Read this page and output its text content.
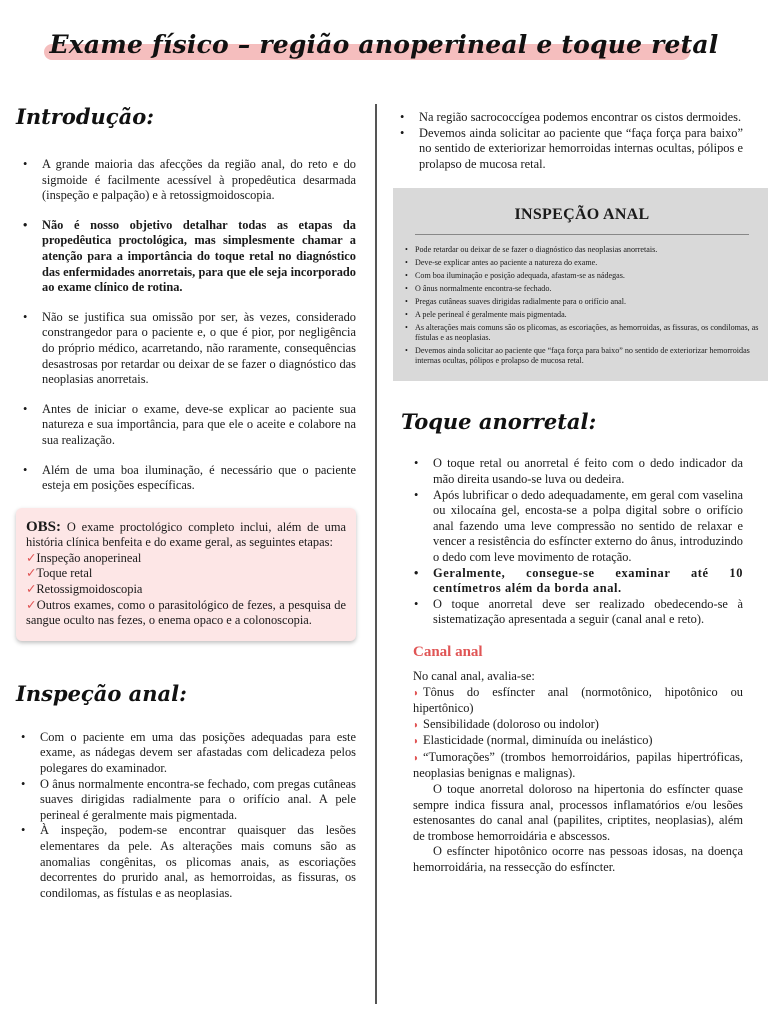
Exame físico – região anoperineal e toque retal
Introdução:
• A grande maioria das afecções da região anal, do reto e do sigmoide é facilmente acessível à propedêutica desarmada (inspeção e palpação) e à retossigmoidoscopia.
• Não é nosso objetivo detalhar todas as etapas da propedêutica proctológica, mas simplesmente chamar a atenção para a importância do toque retal no diagnóstico das enfermidades anorretais, para que ele seja incorporado ao exame clínico de rotina.
• Não se justifica sua omissão por ser, às vezes, considerado constrangedor para o paciente e, o que é pior, por negligência do próprio médico, acarretando, não raramente, consequências desastrosas por retardar ou deixar de se fazer o diagnóstico das neoplasias anorretais.
• Antes de iniciar o exame, deve-se explicar ao paciente sua natureza e sua importância, para que ele o aceite e colabore na sua realização.
• Além de uma boa iluminação, é necessário que o paciente esteja em posições específicas.
OBS: O exame proctológico completo inclui, além de uma história clínica benfeita e do exame geral, as seguintes etapas:
✓Inspeção anoperineal
✓Toque retal
✓Retossigmoidoscopia
✓Outros exames, como o parasitológico de fezes, a pesquisa de sangue oculto nas fezes, o enema opaco e a colonoscopia.
Inspeção anal:
• Com o paciente em uma das posições adequadas para este exame, as nádegas devem ser afastadas com delicadeza pelos polegares do examinador.
• O ânus normalmente encontra-se fechado, com pregas cutâneas suaves dirigidas radialmente para o orifício anal. A pele perineal é geralmente mais pigmentada.
• À inspeção, podem-se encontrar quaisquer das lesões elementares da pele. As alterações mais comuns são as anomalias congênitas, os plicomas anais, as escoriações decorrentes do prurido anal, as hemorroidas, as fissuras, os condilomas, as fístulas e as neoplasias.
• Na região sacrococcígea podemos encontrar os cistos dermoides.
• Devemos ainda solicitar ao paciente que “faça força para baixo” no sentido de exteriorizar hemorroidas internas ocultas, pólipos e prolapso de mucosa retal.
INSPEÇÃO ANAL
• Pode retardar ou deixar de se fazer o diagnóstico das neoplasias anorretais.
• Deve-se explicar antes ao paciente a natureza do exame.
• Com boa iluminação e posição adequada, afastam-se as nádegas.
• O ânus normalmente encontra-se fechado.
• Pregas cutâneas suaves dirigidas radialmente para o orifício anal.
• A pele perineal é geralmente mais pigmentada.
• As alterações mais comuns são os plicomas, as escoriações, as hemorroidas, as fissuras, os condilomas, as fístulas e as neoplasias.
• Devemos ainda solicitar ao paciente que “faça força para baixo” no sentido de exteriorizar hemorroidas internas ocultas, pólipos e prolapso de mucosa retal.
Toque anorretal:
• O toque retal ou anorretal é feito com o dedo indicador da mão direita usando-se luva ou dedeira.
• Após lubrificar o dedo adequadamente, em geral com vaselina ou xilocaína gel, encosta-se a polpa digital sobre o orifício anal fazendo uma leve compressão no sentido de relaxar e vencer a resistência do esfíncter externo do ânus, introduzindo o dedo com leve movimento de rotação.
• Geralmente, consegue-se examinar até 10 centímetros além da borda anal.
• O toque anorretal deve ser realizado obedecendo-se à sistematização apresentada a seguir (canal anal e reto).
Canal anal
No canal anal, avalia-se:
◗ Tônus do esfíncter anal (normotônico, hipotônico ou hipertônico)
◗ Sensibilidade (doloroso ou indolor)
◗ Elasticidade (normal, diminuída ou inelástico)
◗ “Tumorações” (trombos hemorroidários, papilas hipertróficas, neoplasias benignas e malignas).
O toque anorretal doloroso na hipertonia do esfíncter quase sempre indica fissura anal, processos inflamatórios e/ou lesões estenosantes do canal anal (papilites, criptites, neoplasias), além de trombose hemorroidária e abscessos.
O esfíncter hipotônico ocorre nas pessoas idosas, na doença hemorroidária, na ressecção do esfíncter.
